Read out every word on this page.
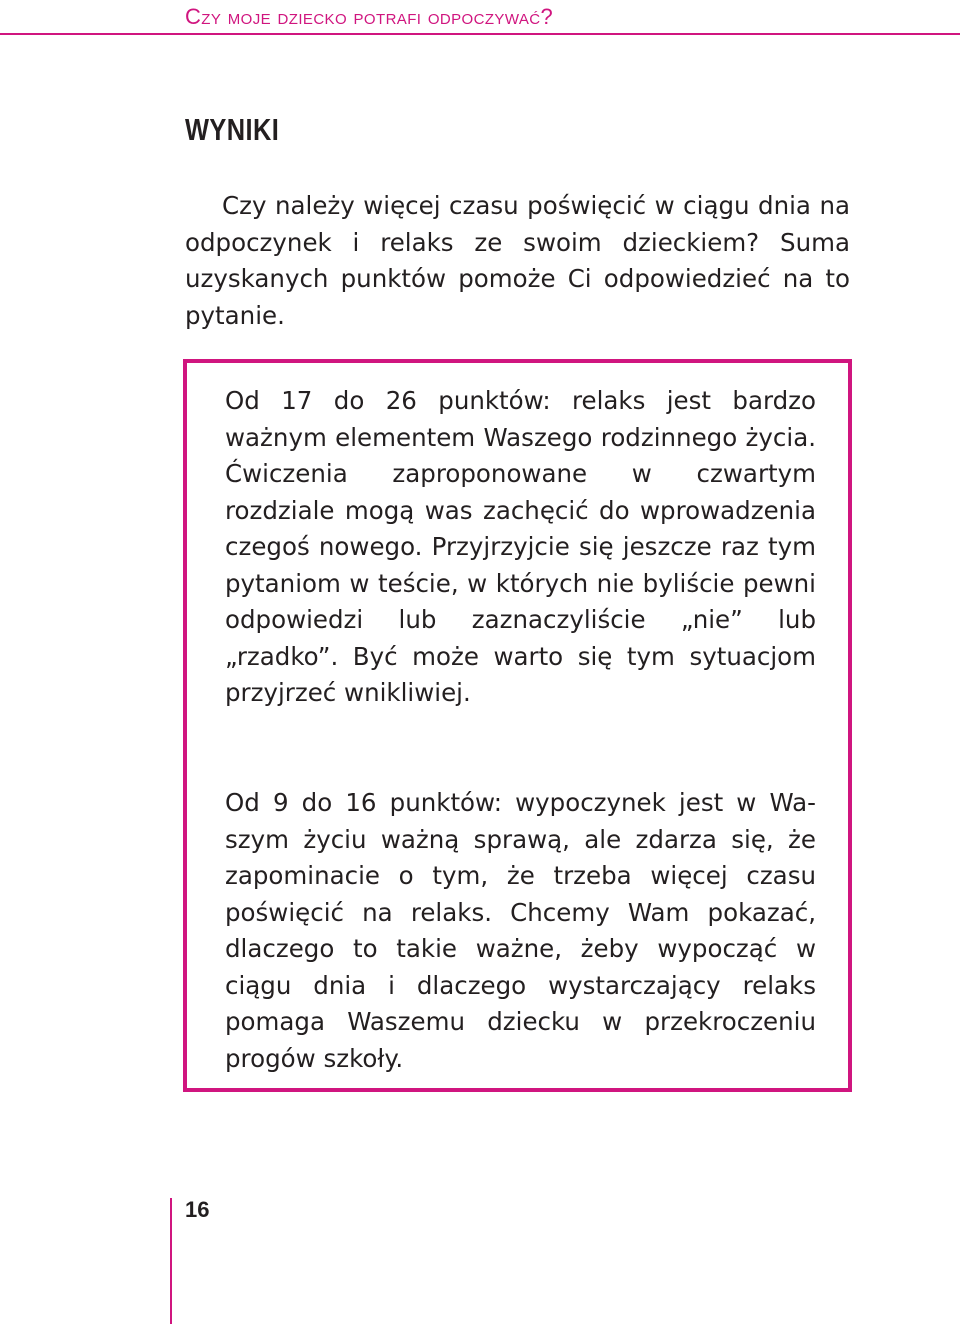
Czy moje dziecko potrafi odpoczywać?
WYNIKI

Czy należy więcej czasu poświęcić w ciągu dnia na odpoczynek i relaks ze swoim dzieckiem? Suma uzyskanych punktów pomoże Ci odpowiedzieć na to pytanie.

Od 17 do 26 punktów: relaks jest bardzo ważnym elementem Waszego rodzinnego życia. Ćwiczenia zaproponowane w czwartym rozdziale mogą was zachęcić do wprowadzenia czegoś nowego. Przyjrzyjcie się jeszcze raz tym pytaniom w teście, w których nie byliście pewni odpowiedzi lub zaznaczyliście „nie” lub „rzadko”. Być może warto się tym sytuacjom przyjrzeć wnikliwiej.

Od 9 do 16 punktów: wypoczynek jest w Waszym życiu ważną sprawą, ale zdarza się, że zapominacie o tym, że trzeba więcej czasu poświęcić na relaks. Chcemy Wam pokazać, dlaczego to takie ważne, żeby wypocząć w ciągu dnia i dlaczego wystarczający relaks pomaga Waszemu dziecku w przekroczeniu progów szkoły.

16
